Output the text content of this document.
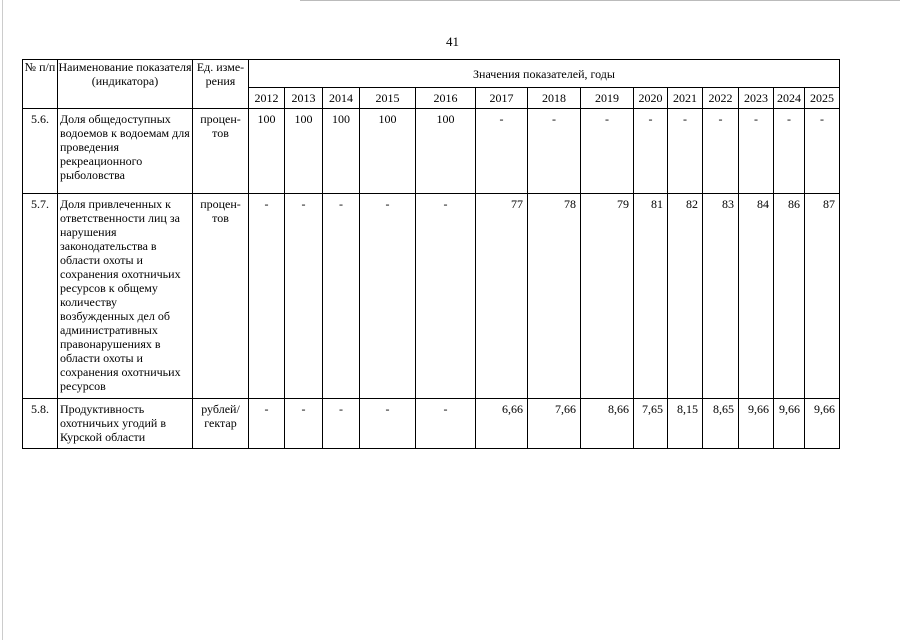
41
№ п/п	Наименование показателя (индикатора)	Ед. изме-рения	Значения показателей, годы													
			2012	2013	2014	2015	2016	2017	2018	2019	2020	2021	2022	2023	2024	2025
5.6.	Доля общедоступных водоемов к водоемам для проведения рекреационного рыболовства	процен-тов	100	100	100	100	100	-	-	-	-	-	-	-	-	-
5.7.	Доля привлеченных к ответственности лиц за нарушения законодательства в области охоты и сохранения охотничьих ресурсов к общему количеству возбужденных дел об административных правонарушениях в области охоты и сохранения охотничьих ресурсов	процен-тов	-	-	-	-	-	77	78	79	81	82	83	84	86	87
5.8.	Продуктивность охотничьих угодий в Курской области	рублей/ гектар	-	-	-	-	-	6,66	7,66	8,66	7,65	8,15	8,65	9,66	9,66	9,66
